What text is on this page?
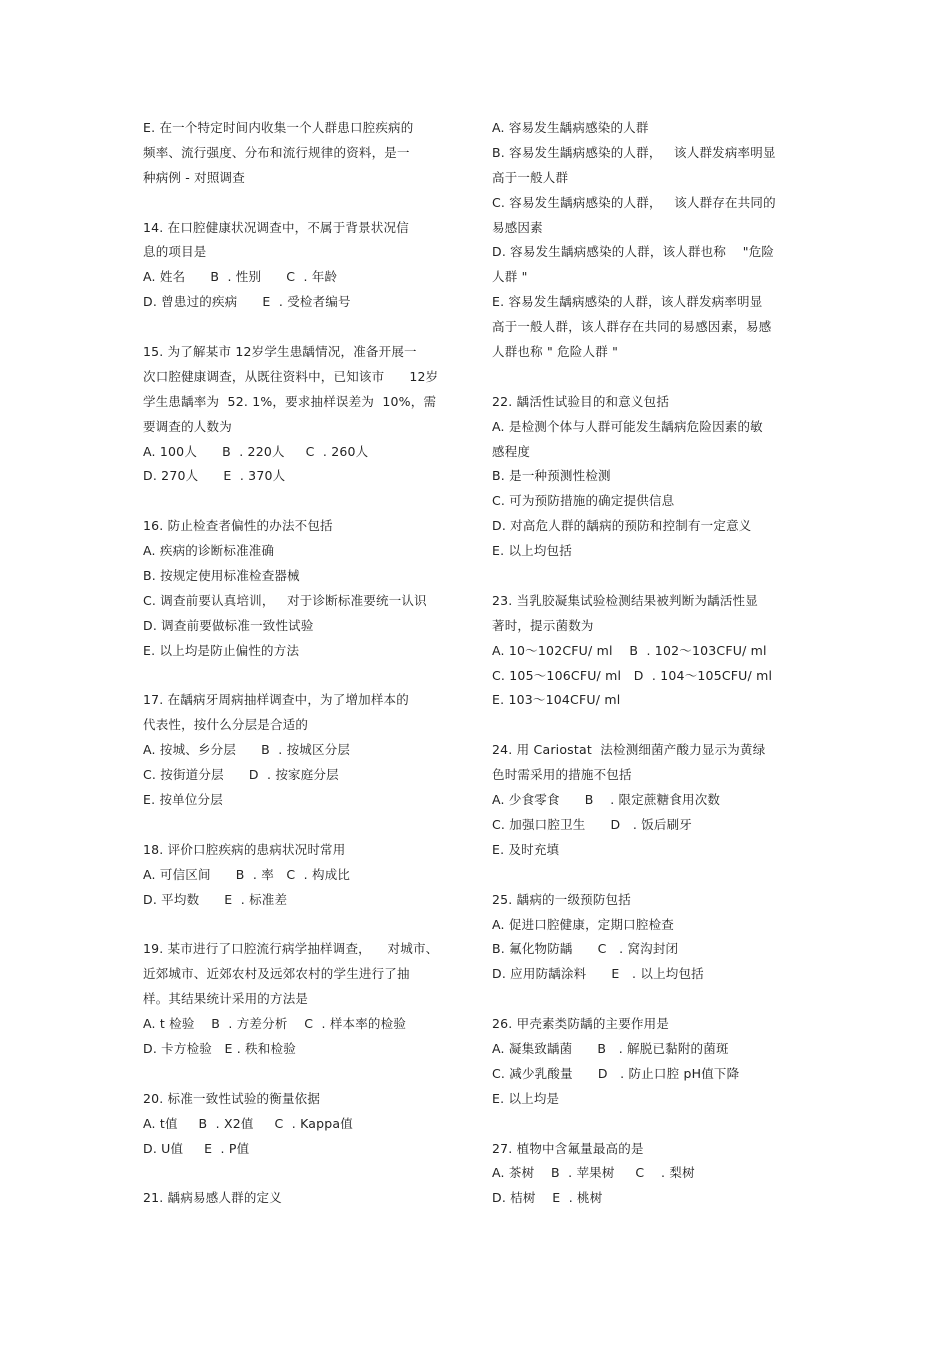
E. 在一个特定时间内收集一个人群患口腔疾病的
频率、流行强度、分布和流行规律的资料，是一
种病例 - 对照调查
14. 在口腔健康状况调查中，不属于背景状况信
息的项目是
A. 姓名      B  . 性别      C  . 年龄
D. 曾患过的疾病      E  . 受检者编号
15. 为了解某市 12岁学生患龋情况，准备开展一
次口腔健康调查，从既往资料中，已知该市      12岁
学生患龋率为  52. 1%，要求抽样误差为  10%，需
要调查的人数为
A. 100人      B  . 220人     C  . 260人
D. 270人      E  . 370人
16. 防止检查者偏性的办法不包括
A. 疾病的诊断标准准确
B. 按规定使用标准检查器械
C. 调查前要认真培训，   对于诊断标准要统一认识
D. 调查前要做标准一致性试验
E. 以上均是防止偏性的方法
17. 在龋病牙周病抽样调查中，为了增加样本的
代表性，按什么分层是合适的
A. 按城、乡分层      B  . 按城区分层
C. 按街道分层      D  . 按家庭分层
E. 按单位分层
18. 评价口腔疾病的患病状况时常用
A. 可信区间      B  . 率   C  . 构成比
D. 平均数      E  . 标准差
19. 某市进行了口腔流行病学抽样调查，    对城市、
近郊城市、近郊农村及远郊农村的学生进行了抽
样。其结果统计采用的方法是
A. t 检验    B  . 方差分析    C  . 样本率的检验
D. 卡方检验   E . 秩和检验
20. 标准一致性试验的衡量依据
A. t值     B  . X2值     C  . Kappa值
D. U值     E  . P值
21. 龋病易感人群的定义
A. 容易发生龋病感染的人群
B. 容易发生龋病感染的人群，   该人群发病率明显
高于一般人群
C. 容易发生龋病感染的人群，   该人群存在共同的
易感因素
D. 容易发生龋病感染的人群，该人群也称    "危险
人群 "
E. 容易发生龋病感染的人群，该人群发病率明显
高于一般人群，该人群存在共同的易感因素，易感
人群也称 " 危险人群 "
22. 龋活性试验目的和意义包括
A. 是检测个体与人群可能发生龋病危险因素的敏
感程度
B. 是一种预测性检测
C. 可为预防措施的确定提供信息
D. 对高危人群的龋病的预防和控制有一定意义
E. 以上均包括
23. 当乳胶凝集试验检测结果被判断为龋活性显
著时，提示菌数为
A. 10～102CFU/ ml    B  . 102～103CFU/ ml
C. 105～106CFU/ ml   D  . 104～105CFU/ ml
E. 103～104CFU/ ml
24. 用 Cariostat  法检测细菌产酸力显示为黄绿
色时需采用的措施不包括
A. 少食零食      B    . 限定蔗糖食用次数
C. 加强口腔卫生      D   . 饭后刷牙
E. 及时充填
25. 龋病的一级预防包括
A. 促进口腔健康，定期口腔检查
B. 氟化物防龋      C   . 窝沟封闭
D. 应用防龋涂料      E   . 以上均包括
26. 甲壳素类防龋的主要作用是
A. 凝集致龋菌      B   . 解脱已黏附的菌斑
C. 减少乳酸量      D   . 防止口腔 pH值下降
E. 以上均是
27. 植物中含氟量最高的是
A. 茶树    B  . 苹果树     C    . 梨树
D. 桔树    E  . 桃树
